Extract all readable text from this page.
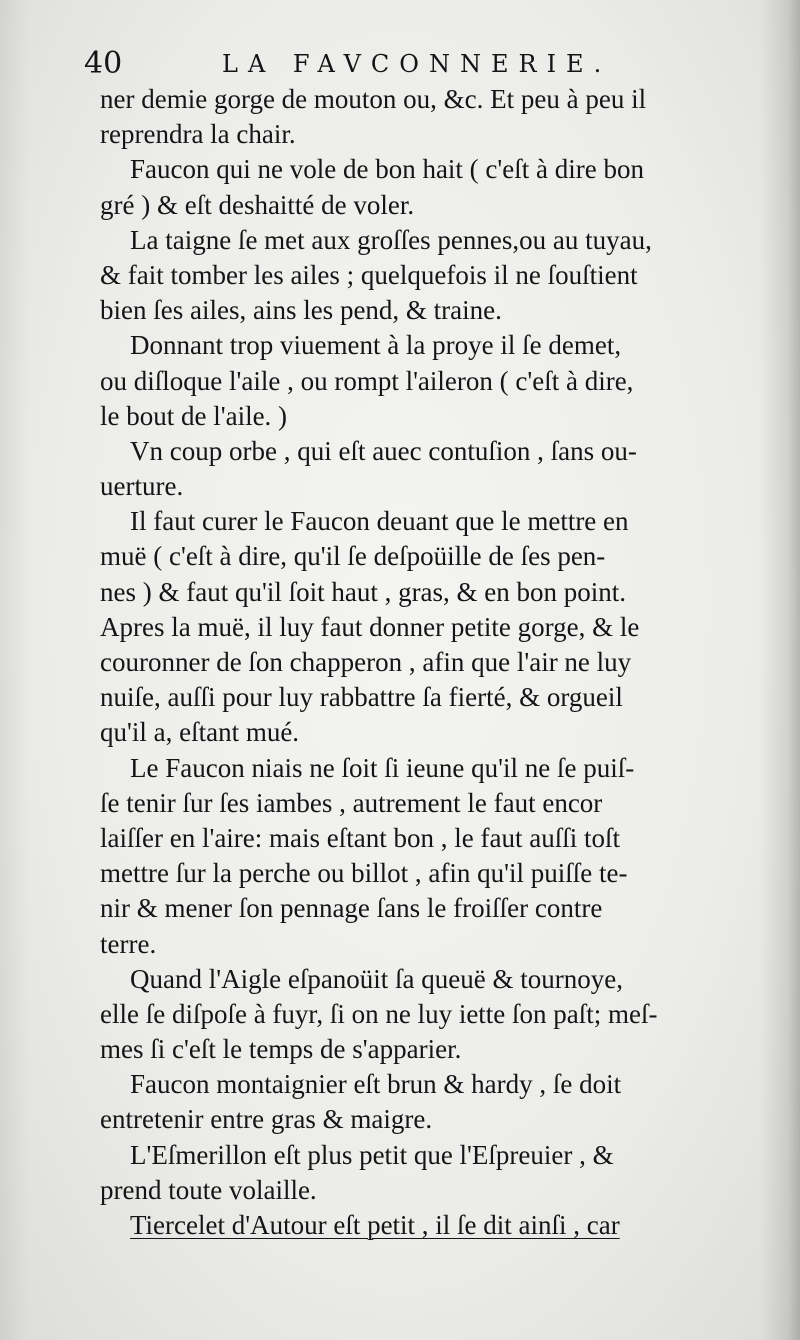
40	LA FAVCONNERIE.
ner demie gorge de mouton ou, &c. Et peu à peu il
reprendra la chair.
Faucon qui ne vole de bon hait ( c'eſt à dire bon
gré ) & eſt deshaitté de voler.
La taigne ſe met aux groſſes pennes,ou au tuyau,
& fait tomber les ailes ; quelquefois il ne ſouſtient
bien ſes ailes, ains les pend, & traine.
Donnant trop viuement à la proye il ſe demet,
ou diſloque l'aile , ou rompt l'aileron ( c'eſt à dire,
le bout de l'aile. )
Vn coup orbe , qui eſt auec contuſion , ſans ou-
uerture.
Il faut curer le Faucon deuant que le mettre en
muë ( c'eſt à dire, qu'il ſe deſpoüille de ſes pen-
nes ) & faut qu'il ſoit haut , gras, & en bon point.
Apres la muë, il luy faut donner petite gorge, & le
couronner de ſon chapperon , afin que l'air ne luy
nuiſe, auſſi pour luy rabbattre ſa fierté, & orgueil
qu'il a, eſtant mué.
Le Faucon niais ne ſoit ſi ieune qu'il ne ſe puiſ-
ſe tenir ſur ſes iambes , autrement le faut encor
laiſſer en l'aire: mais eſtant bon , le faut auſſi toſt
mettre ſur la perche ou billot , afin qu'il puiſſe te-
nir & mener ſon pennage ſans le froiſſer contre
terre.
Quand l'Aigle eſpanoüit ſa queuë & tournoye,
elle ſe diſpoſe à fuyr, ſi on ne luy iette ſon paſt; meſ-
mes ſi c'eſt le temps de s'apparier.
Faucon montaignier eſt brun & hardy , ſe doit
entretenir entre gras & maigre.
L'Eſmerillon eſt plus petit que l'Eſpreuier , &
prend toute volaille.
Tiercelet d'Autour eſt petit , il ſe dit ainſi , car
